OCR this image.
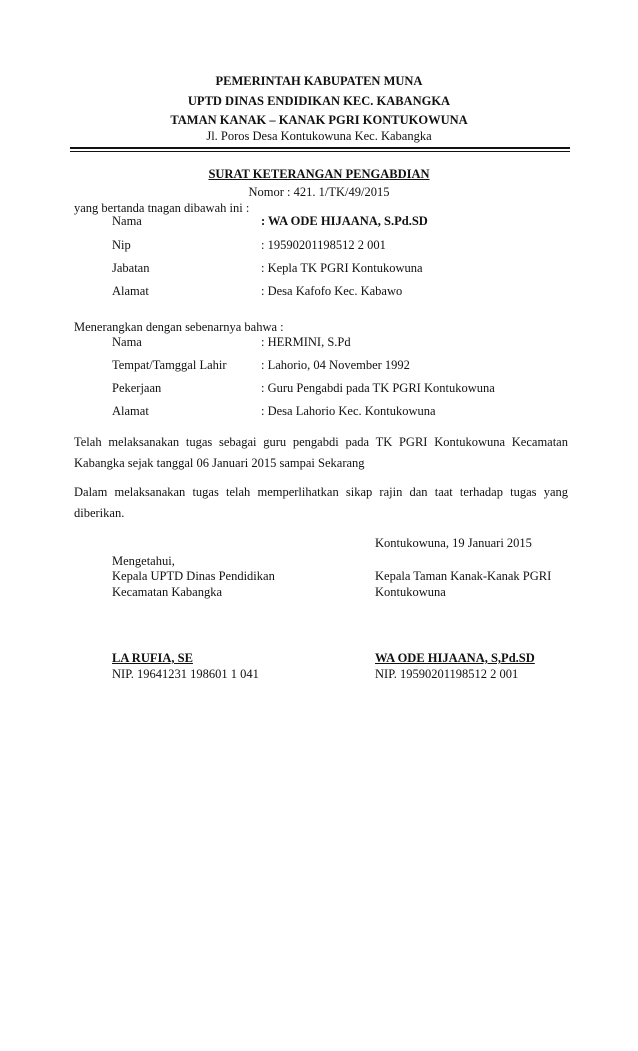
PEMERINTAH KABUPATEN MUNA
UPTD DINAS ENDIDIKAN KEC. KABANGKA
TAMAN KANAK – KANAK PGRI KONTUKOWUNA
Jl. Poros Desa Kontukowuna Kec. Kabangka
SURAT KETERANGAN PENGABDIAN
Nomor : 421. 1/TK/49/2015
yang bertanda tnagan dibawah ini :
Nama	: WA ODE HIJAANA, S.Pd.SD
Nip	: 19590201198512 2 001
Jabatan	: Kepla TK PGRI Kontukowuna
Alamat	: Desa Kafofo Kec. Kabawo
Menerangkan dengan sebenarnya bahwa :
Nama	: HERMINI, S.Pd
Tempat/Tamggal Lahir	: Lahorio, 04 November 1992
Pekerjaan	: Guru Pengabdi pada TK PGRI Kontukowuna
Alamat	: Desa Lahorio Kec. Kontukowuna
Telah melaksanakan tugas sebagai guru pengabdi pada TK PGRI Kontukowuna Kecamatan
Kabangka sejak tanggal 06 Januari 2015 sampai Sekarang
Dalam melaksanakan tugas telah memperlihatkan sikap rajin dan taat terhadap tugas yang
diberikan.
Kontukowuna, 19 Januari 2015
Mengetahui,
Kepala UPTD Dinas Pendidikan
Kecamatan Kabangka
LA RUFIA, SE
NIP. 19641231 198601 1 041
Kepala Taman Kanak-Kanak PGRI
Kontukowuna
WA ODE HIJAANA, S,Pd.SD
NIP. 19590201198512 2 001
